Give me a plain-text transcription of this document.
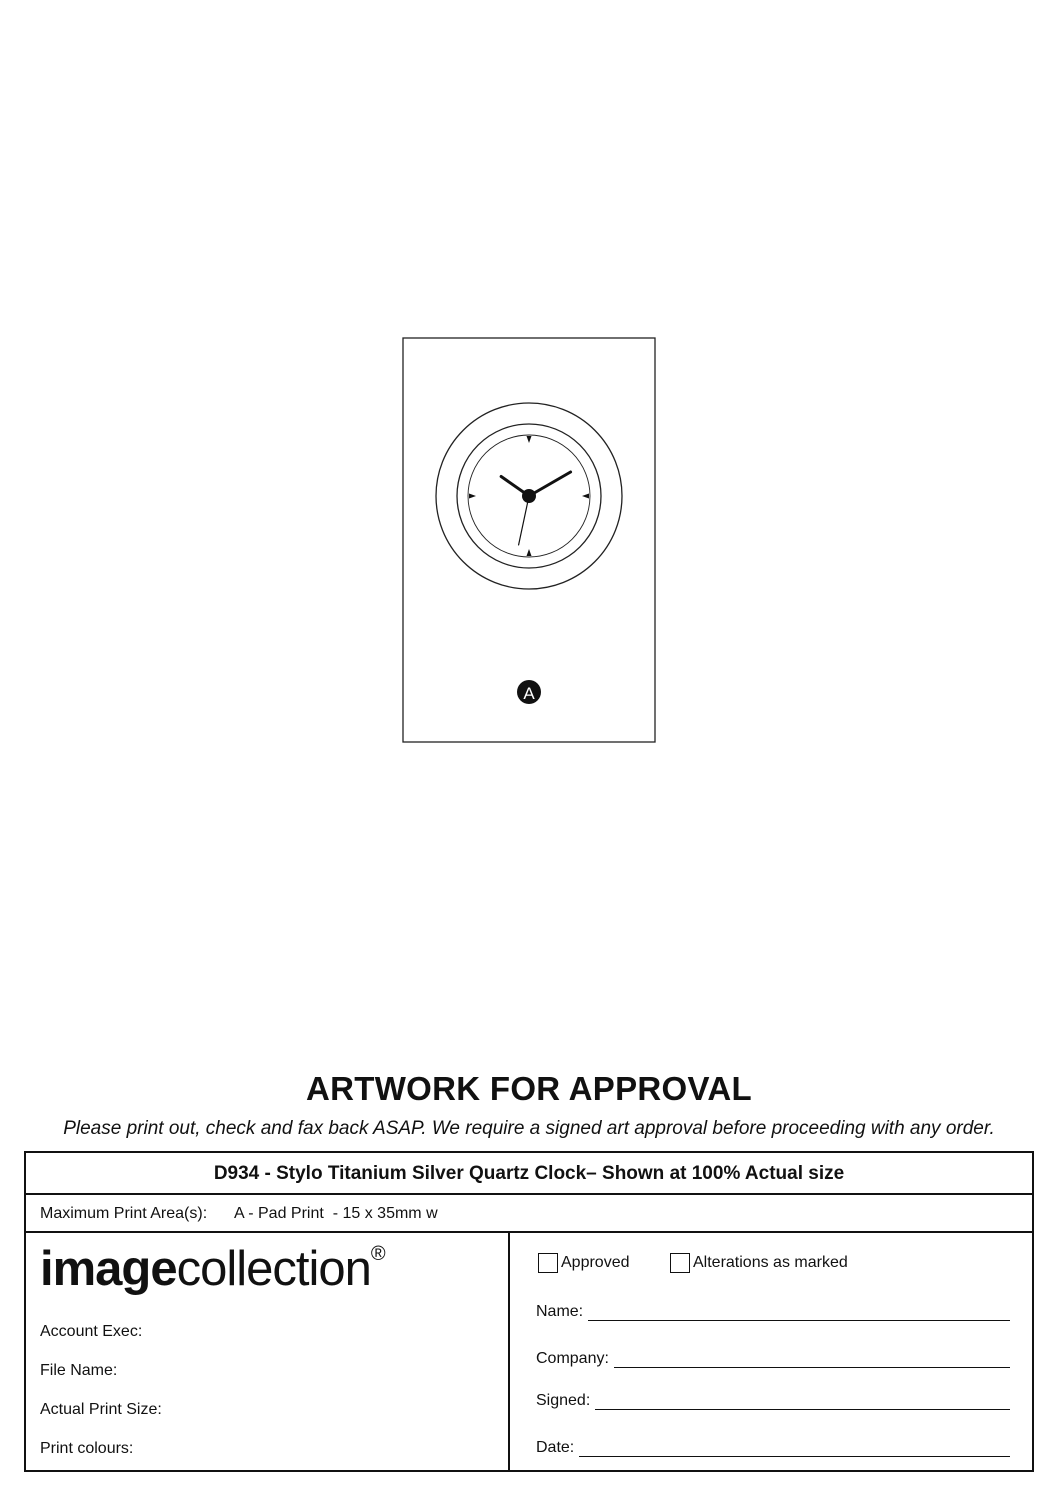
A
ARTWORK FOR APPROVAL
Please print out, check and fax back ASAP. We require a signed art approval before proceeding with any order.
D934 - Stylo Titanium Silver Quartz Clock– Shown at 100% Actual size
Maximum Print Area(s): A - Pad Print  - 15 x 35mm w
imagecollection®
Account Exec:
File Name:
Actual Print Size:
Print colours:
Approved	Alterations as marked
Name:
Company:
Signed:
Date:
